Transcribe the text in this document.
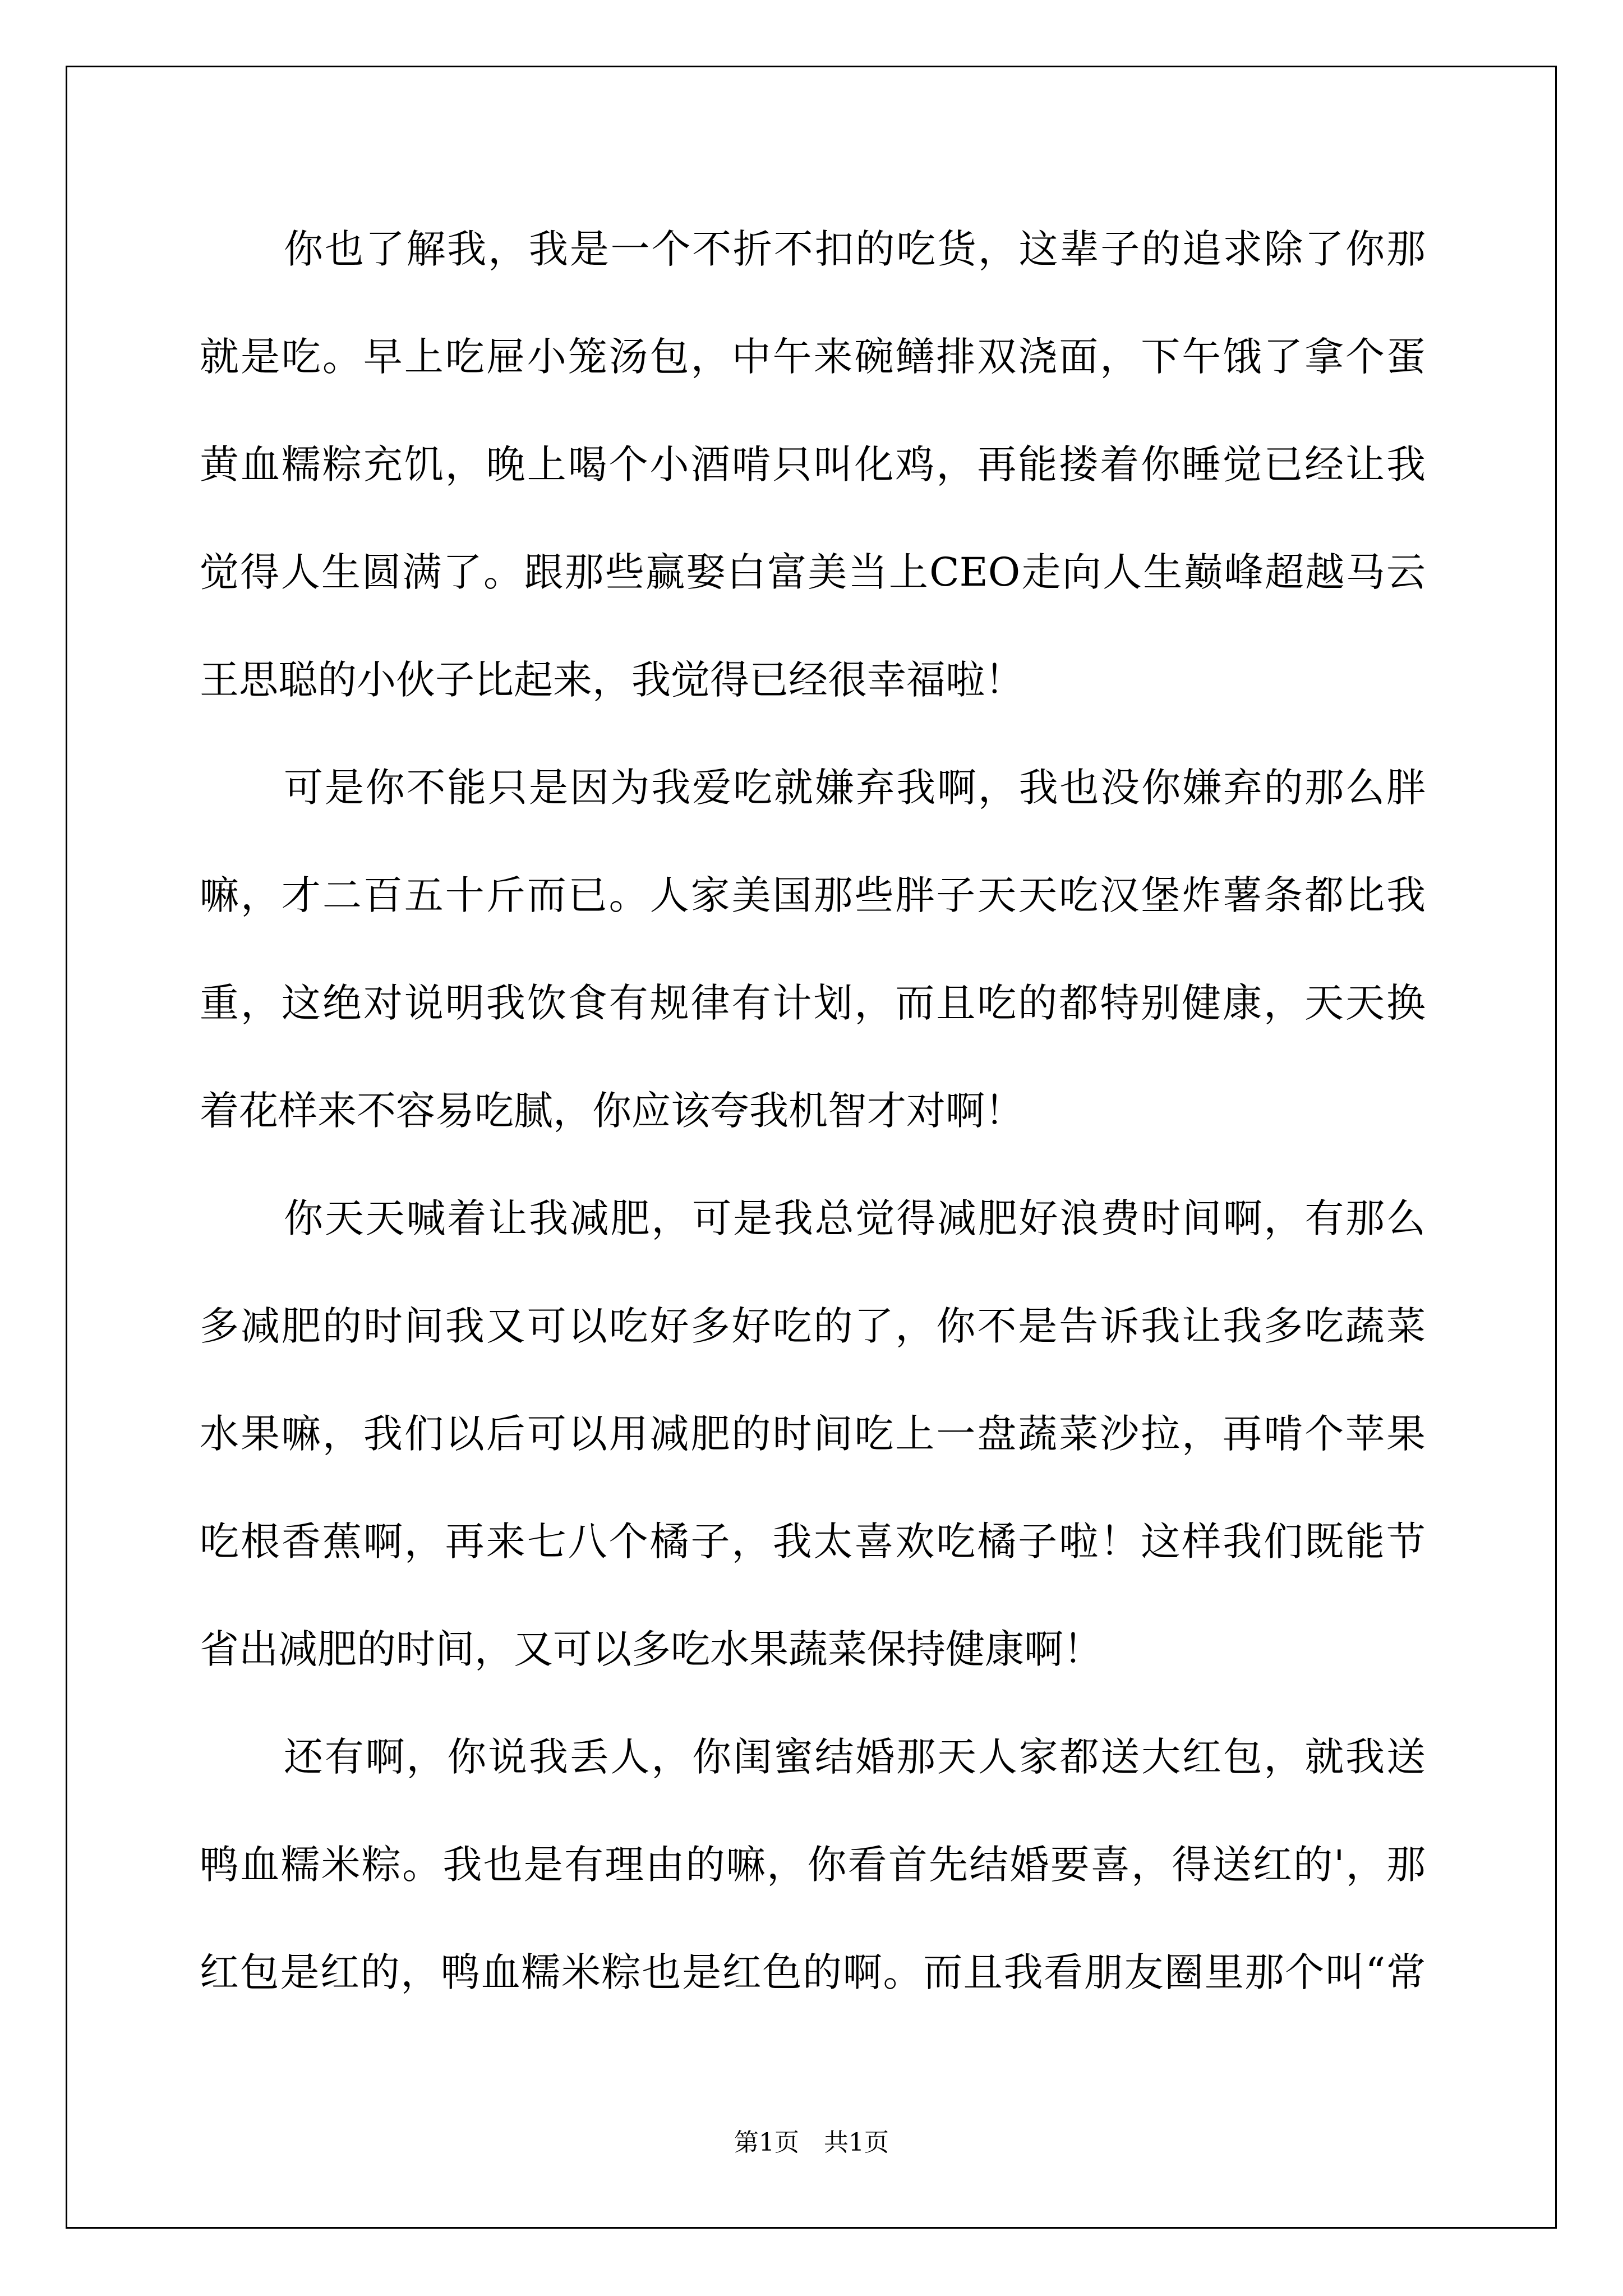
你也了解我，我是一个不折不扣的吃货，这辈子的追求除了你那
就是吃。早上吃屉小笼汤包，中午来碗鳝排双浇面，下午饿了拿个蛋
黄血糯粽充饥，晚上喝个小酒啃只叫化鸡，再能搂着你睡觉已经让我
觉得人生圆满了。跟那些赢娶白富美当上CEO走向人生巅峰超越马云
王思聪的小伙子比起来，我觉得已经很幸福啦！
可是你不能只是因为我爱吃就嫌弃我啊，我也没你嫌弃的那么胖
嘛，才二百五十斤而已。人家美国那些胖子天天吃汉堡炸薯条都比我
重，这绝对说明我饮食有规律有计划，而且吃的都特别健康，天天换
着花样来不容易吃腻，你应该夸我机智才对啊！
你天天喊着让我减肥，可是我总觉得减肥好浪费时间啊，有那么
多减肥的时间我又可以吃好多好吃的了，你不是告诉我让我多吃蔬菜
水果嘛，我们以后可以用减肥的时间吃上一盘蔬菜沙拉，再啃个苹果
吃根香蕉啊，再来七八个橘子，我太喜欢吃橘子啦！这样我们既能节
省出减肥的时间，又可以多吃水果蔬菜保持健康啊！
还有啊，你说我丢人，你闺蜜结婚那天人家都送大红包，就我送
鸭血糯米粽。我也是有理由的嘛，你看首先结婚要喜，得送红的'，那
红包是红的，鸭血糯米粽也是红色的啊。而且我看朋友圈里那个叫“常
第1页　共1页
